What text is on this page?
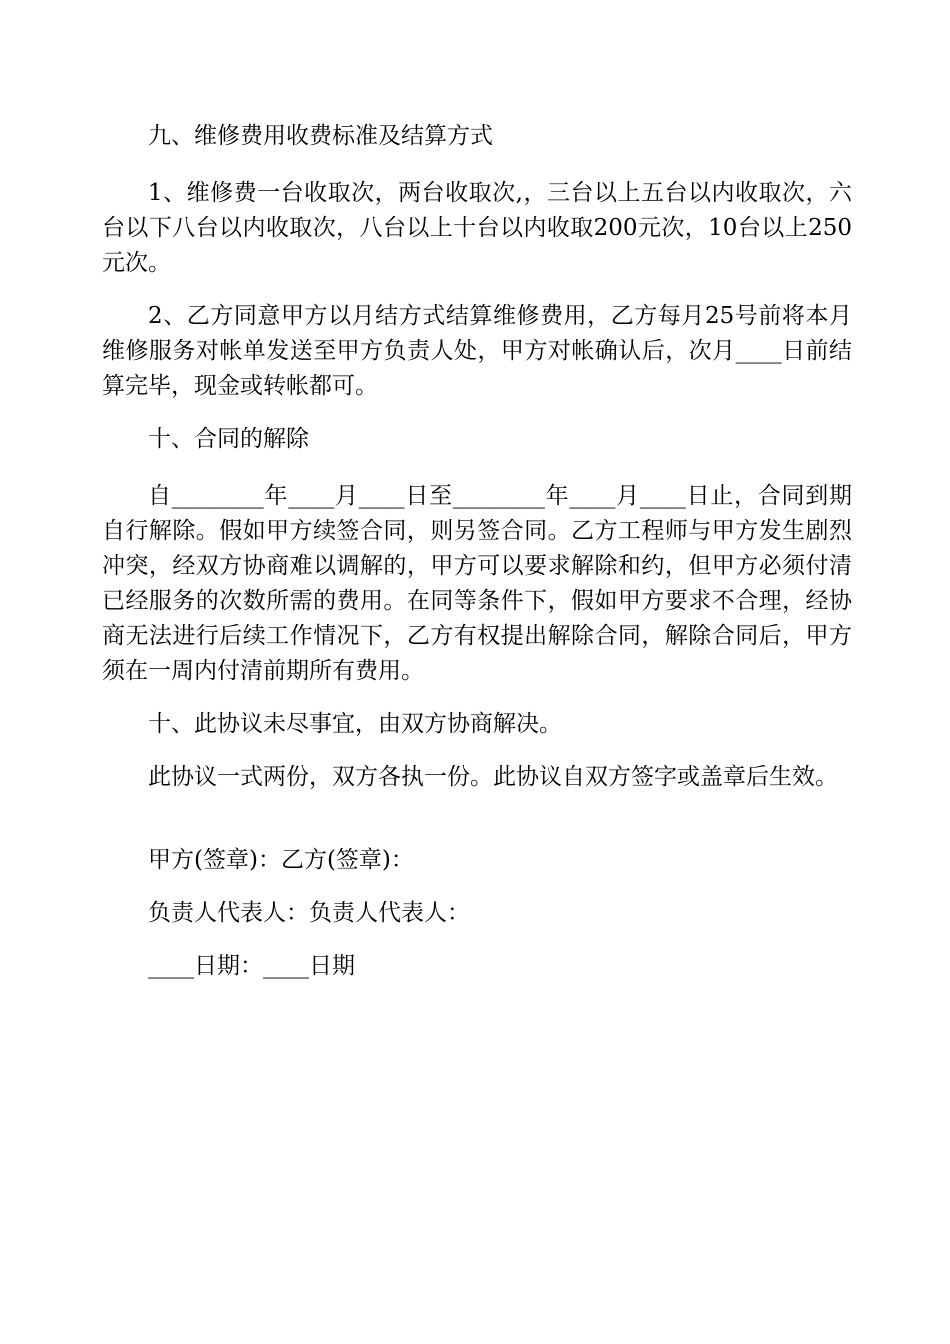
九、维修费用收费标准及结算方式

1、维修费一台收取次，两台收取次,，三台以上五台以内收取次，六台以下八台以内收取次，八台以上十台以内收取200元次，10台以上250元次。

2、乙方同意甲方以月结方式结算维修费用，乙方每月25号前将本月维修服务对帐单发送至甲方负责人处，甲方对帐确认后，次月____日前结算完毕，现金或转帐都可。

十、合同的解除

自________年____月____日至________年____月____日止，合同到期自行解除。假如甲方续签合同，则另签合同。乙方工程师与甲方发生剧烈冲突，经双方协商难以调解的，甲方可以要求解除和约，但甲方必须付清已经服务的次数所需的费用。在同等条件下，假如甲方要求不合理，经协商无法进行后续工作情况下，乙方有权提出解除合同，解除合同后，甲方须在一周内付清前期所有费用。

十、此协议未尽事宜，由双方协商解决。

此协议一式两份，双方各执一份。此协议自双方签字或盖章后生效。

甲方(签章)：乙方(签章)：

负责人代表人：负责人代表人：

____日期：____日期
